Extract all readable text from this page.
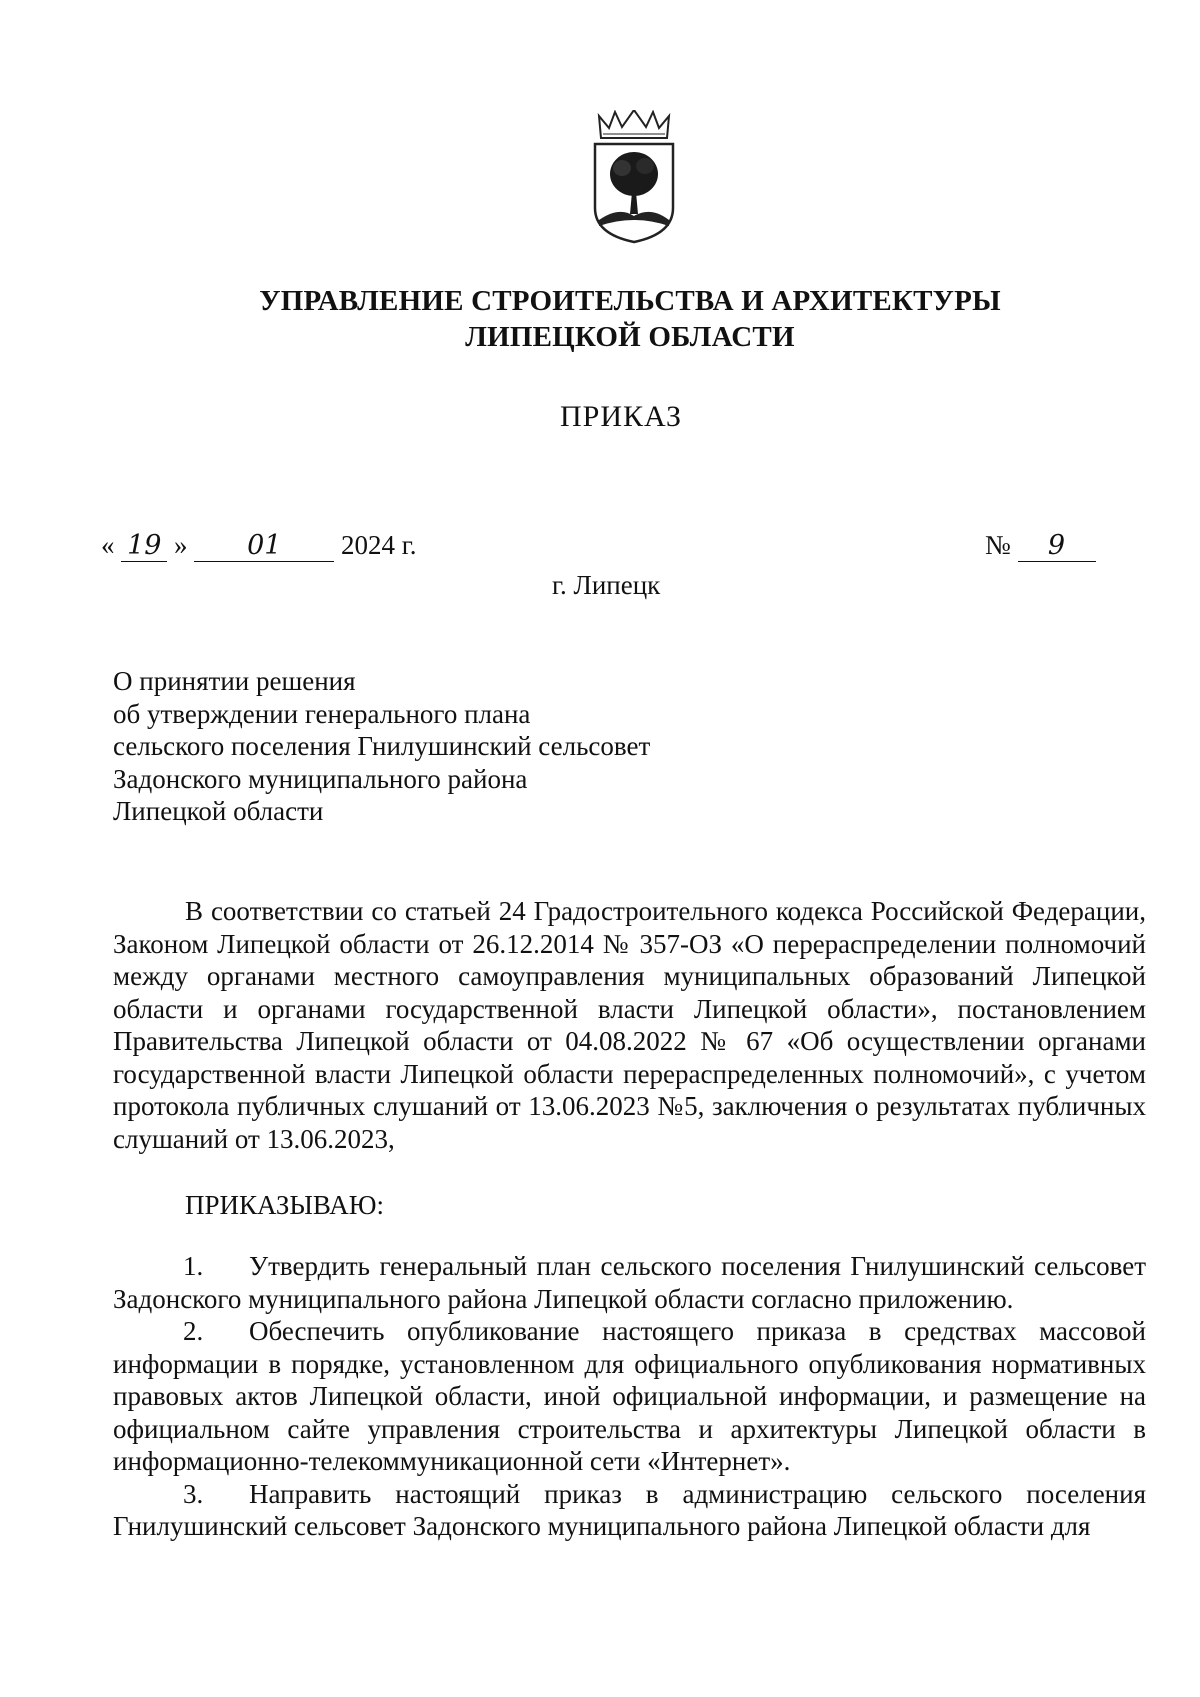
УПРАВЛЕНИЕ СТРОИТЕЛЬСТВА И АРХИТЕКТУРЫ
ЛИПЕЦКОЙ ОБЛАСТИ
ПРИКАЗ
« 19 » 01 2024 г.	№ 9
г. Липецк
О принятии решения
об утверждении генерального плана
сельского поселения Гнилушинский сельсовет
Задонского муниципального района
Липецкой области

В соответствии со статьей 24 Градостроительного кодекса Российской Федерации, Законом Липецкой области от 26.12.2014 № 357-ОЗ «О перераспределении полномочий между органами местного самоуправления муниципальных образований Липецкой области и органами государственной власти Липецкой области», постановлением Правительства Липецкой области от 04.08.2022 № 67 «Об осуществлении органами государственной власти Липецкой области перераспределенных полномочий», с учетом протокола публичных слушаний от 13.06.2023 №5, заключения о результатах публичных слушаний от 13.06.2023,

ПРИКАЗЫВАЮ:

1. Утвердить генеральный план сельского поселения Гнилушинский сельсовет Задонского муниципального района Липецкой области согласно приложению.

2. Обеспечить опубликование настоящего приказа в средствах массовой информации в порядке, установленном для официального опубликования нормативных правовых актов Липецкой области, иной официальной информации, и размещение на официальном сайте управления строительства и архитектуры Липецкой области в информационно-телекоммуникационной сети «Интернет».

3. Направить настоящий приказ в администрацию сельского поселения Гнилушинский сельсовет Задонского муниципального района Липецкой области для
